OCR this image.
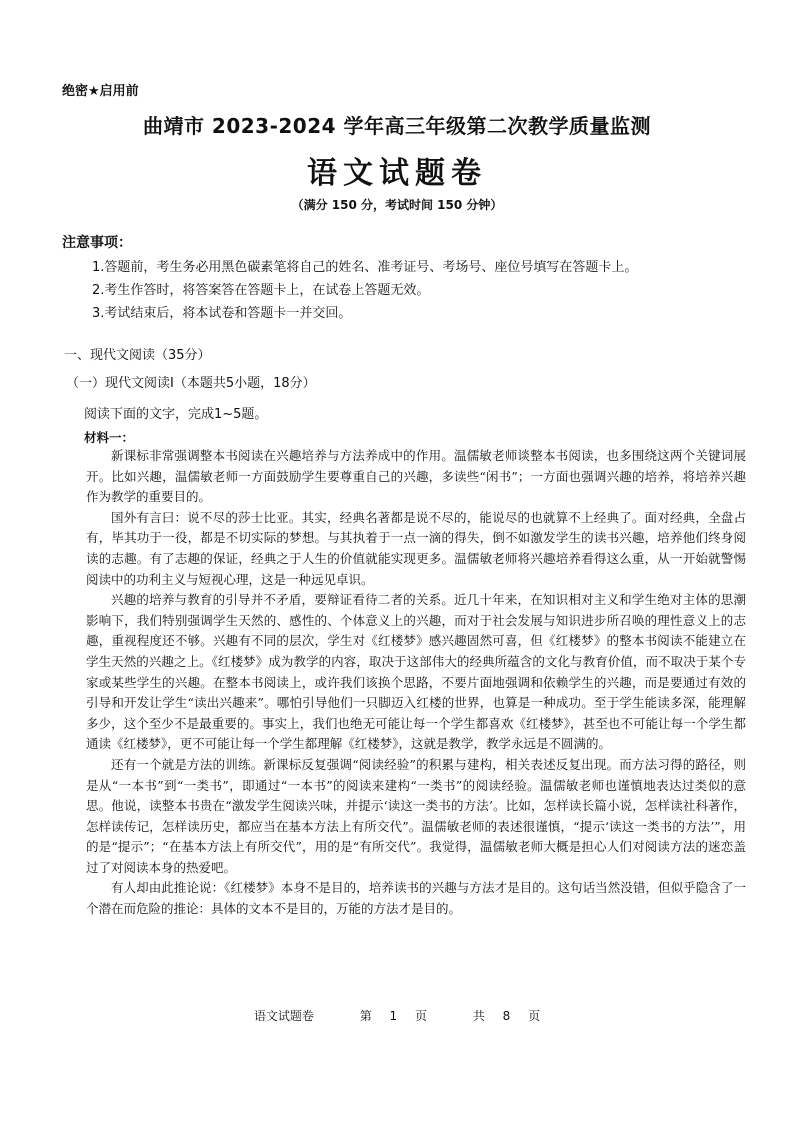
绝密★启用前
曲靖市 2023-2024 学年高三年级第二次教学质量监测
语文试题卷
（满分 150 分，考试时间 150 分钟）
注意事项：
1.答题前，考生务必用黑色碳素笔将自己的姓名、准考证号、考场号、座位号填写在答题卡上。
2.考生作答时，将答案答在答题卡上，在试卷上答题无效。
3.考试结束后，将本试卷和答题卡一并交回。
一、现代文阅读（35分）
（一）现代文阅读Ⅰ（本题共5小题，18分）
阅读下面的文字，完成1~5题。
材料一：

新课标非常强调整本书阅读在兴趣培养与方法养成中的作用。温儒敏老师谈整本书阅读，也多围绕这两个关键词展开。比如兴趣，温儒敏老师一方面鼓励学生要尊重自己的兴趣，多读些“闲书”；一方面也强调兴趣的培养，将培养兴趣作为教学的重要目的。

国外有言曰：说不尽的莎士比亚。其实，经典名著都是说不尽的，能说尽的也就算不上经典了。面对经典，全盘占有，毕其功于一役，都是不切实际的梦想。与其执着于一点一滴的得失，倒不如激发学生的读书兴趣，培养他们终身阅读的志趣。有了志趣的保证，经典之于人生的价值就能实现更多。温儒敏老师将兴趣培养看得这么重，从一开始就警惕阅读中的功利主义与短视心理，这是一种远见卓识。

兴趣的培养与教育的引导并不矛盾，要辩证看待二者的关系。近几十年来，在知识相对主义和学生绝对主体的思潮影响下，我们特别强调学生天然的、感性的、个体意义上的兴趣，而对于社会发展与知识进步所召唤的理性意义上的志趣，重视程度还不够。兴趣有不同的层次，学生对《红楼梦》感兴趣固然可喜，但《红楼梦》的整本书阅读不能建立在学生天然的兴趣之上。《红楼梦》成为教学的内容，取决于这部伟大的经典所蕴含的文化与教育价值，而不取决于某个专家或某些学生的兴趣。在整本书阅读上，或许我们该换个思路，不要片面地强调和依赖学生的兴趣，而是要通过有效的引导和开发让学生“读出兴趣来”。哪怕引导他们一只脚迈入红楼的世界，也算是一种成功。至于学生能读多深，能理解多少，这个至少不是最重要的。事实上，我们也绝无可能让每一个学生都喜欢《红楼梦》，甚至也不可能让每一个学生都通读《红楼梦》，更不可能让每一个学生都理解《红楼梦》，这就是教学，教学永远是不圆满的。

还有一个就是方法的训练。新课标反复强调“阅读经验”的积累与建构，相关表述反复出现。而方法习得的路径，则是从“一本书”到“一类书”，即通过“一本书”的阅读来建构“一类书”的阅读经验。温儒敏老师也谨慎地表达过类似的意思。他说，读整本书贵在“激发学生阅读兴味，并提示‘读这一类书的方法’。比如，怎样读长篇小说，怎样读社科著作，怎样读传记，怎样读历史，都应当在基本方法上有所交代”。温儒敏老师的表述很谨慎，“提示‘读这一类书的方法’”，用的是“提示”；“在基本方法上有所交代”，用的是“有所交代”。我觉得，温儒敏老师大概是担心人们对阅读方法的迷恋盖过了对阅读本身的热爱吧。

有人却由此推论说：《红楼梦》本身不是目的，培养读书的兴趣与方法才是目的。这句话当然没错，但似乎隐含了一个潜在而危险的推论：具体的文本不是目的，万能的方法才是目的。

语文试题卷	第 1 页	共 8 页
